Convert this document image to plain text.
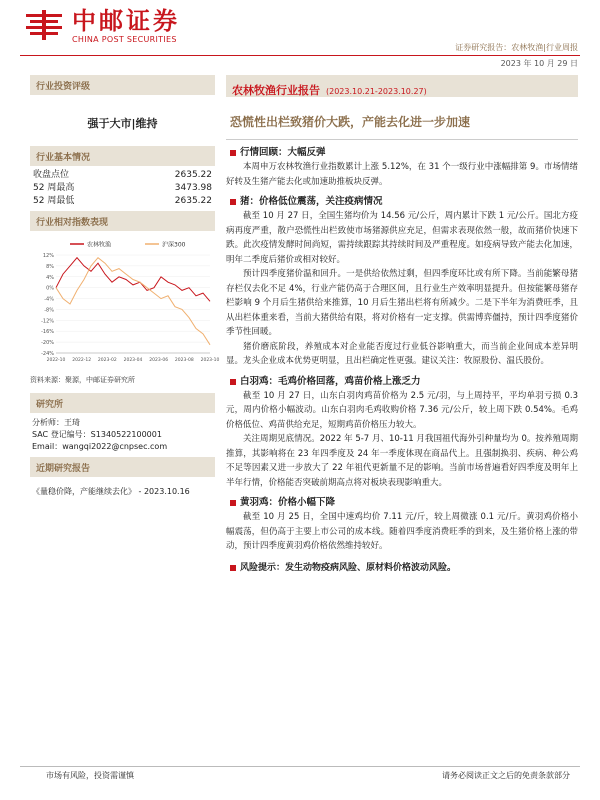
中邮证券
CHINA POST SECURITIES
证券研究报告：农林牧渔|行业周报
2023 年 10 月 29 日
行业投资评级
强于大市|维持
行业基本情况
收盘点位	2635.22
52 周最高	3473.98
52 周最低	2635.22
行业相对指数表现
农林牧渔	沪深300
12%
8%
4%
0%
-4%
-8%
-12%
-16%
-20%
-24%
2022-10 2022-12 2023-02 2023-04 2023-06 2023-08 2023-10
资料来源：聚源，中邮证券研究所
研究所
分析师：王琦
SAC 登记编号：S1340522100001
Email：wangqi2022@cnpsec.com
近期研究报告
《量稳价降，产能继续去化》 - 2023.10.16
农林牧渔行业报告 (2023.10.21-2023.10.27)
恐慌性出栏致猪价大跌，产能去化进一步加速
行情回顾：大幅反弹

本周申万农林牧渔行业指数累计上涨 5.12%，在 31 个一级行业中涨幅排第 9。市场情绪好转及生猪产能去化或加速助推板块反弹。

猪：价格低位震荡，关注疫病情况

截至 10 月 27 日，全国生猪均价为 14.56 元/公斤，周内累计下跌 1 元/公斤。国北方疫病再度严重，散户恐慌性出栏致使市场猪源供应充足，但需求表现依然一般，故而猪价快速下跌。此次疫情发酵时间尚短，需持续跟踪其持续时间及严重程度。如疫病导致产能去化加速，明年二季度后猪价或相对较好。

预计四季度猪价温和回升。一是供给依然过剩，但四季度环比或有所下降。当前能繁母猪存栏仅去化不足 4%，行业产能仍高于合理区间，且行业生产效率明显提升。但按能繁母猪存栏影响 9 个月后生猪供给来推算，10 月后生猪出栏将有所减少。二是下半年为消费旺季，且从出栏体重来看，当前大猪供给有限，将对价格有一定支撑。供需博弈僵持，预计四季度猪价季节性回暖。

猪价磨底阶段，养殖成本对企业能否度过行业低谷影响重大，而当前企业间成本差异明显。龙头企业成本优势更明显，且出栏确定性更强。建议关注：牧原股份、温氏股份。

白羽鸡：毛鸡价格回落，鸡苗价格上涨乏力

截至 10 月 27 日，山东白羽肉鸡苗价格为 2.5 元/羽，与上周持平，平均单羽亏损 0.3 元，周内价格小幅波动。山东白羽肉毛鸡收购价格 7.36 元/公斤，较上周下跌 0.54%。毛鸡价格低位、鸡苗供给充足，短期鸡苗价格压力较大。

关注周期见底情况。2022 年 5-7 月、10-11 月我国祖代海外引种量均为 0。按养殖周期推算，其影响将在 23 年四季度及 24 年一季度体现在商品代上。且强制换羽、疾病、种公鸡不足等因素又进一步放大了 22 年祖代更新量不足的影响。当前市场普遍看好四季度及明年上半年行情，价格能否突破前期高点将对板块表现影响重大。

黄羽鸡：价格小幅下降

截至 10 月 25 日，全国中速鸡均价 7.11 元/斤，较上周微涨 0.1 元/斤。黄羽鸡价格小幅震荡，但仍高于主要上市公司的成本线。随着四季度消费旺季的到来，及生猪价格上涨的带动，预计四季度黄羽鸡价格依然维持较好。

风险提示：发生动物疫病风险、原材料价格波动风险。
市场有风险，投资需谨慎	请务必阅读正文之后的免责条款部分
